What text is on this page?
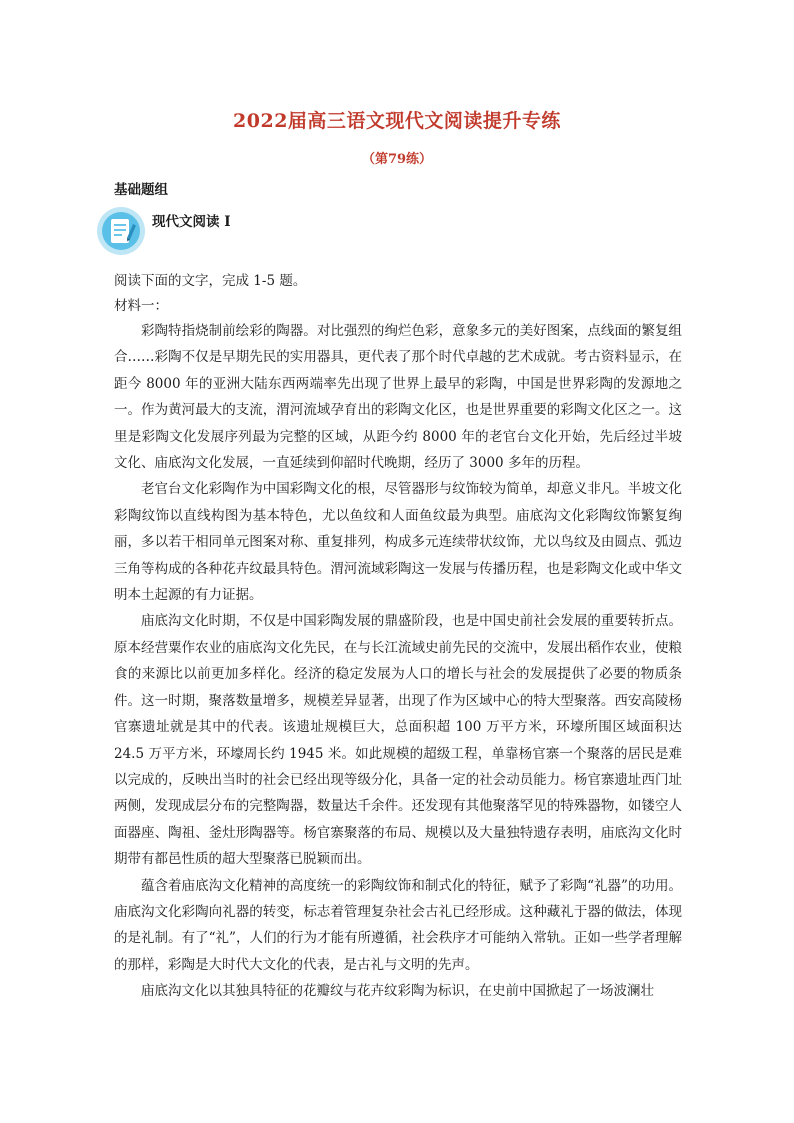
2022届高三语文现代文阅读提升专练
（第79练）
基础题组
现代文阅读 I
阅读下面的文字，完成 1-5 题。
材料一：

彩陶特指烧制前绘彩的陶器。对比强烈的绚烂色彩，意象多元的美好图案，点线面的繁复组合……彩陶不仅是早期先民的实用器具，更代表了那个时代卓越的艺术成就。考古资料显示，在距今 8000 年的亚洲大陆东西两端率先出现了世界上最早的彩陶，中国是世界彩陶的发源地之一。作为黄河最大的支流，渭河流域孕育出的彩陶文化区，也是世界重要的彩陶文化区之一。这里是彩陶文化发展序列最为完整的区域，从距今约 8000 年的老官台文化开始，先后经过半坡文化、庙底沟文化发展，一直延续到仰韶时代晚期，经历了 3000 多年的历程。

老官台文化彩陶作为中国彩陶文化的根，尽管器形与纹饰较为简单，却意义非凡。半坡文化彩陶纹饰以直线构图为基本特色，尤以鱼纹和人面鱼纹最为典型。庙底沟文化彩陶纹饰繁复绚丽，多以若干相同单元图案对称、重复排列，构成多元连续带状纹饰，尤以鸟纹及由圆点、弧边三角等构成的各种花卉纹最具特色。渭河流域彩陶这一发展与传播历程，也是彩陶文化或中华文明本土起源的有力证据。

庙底沟文化时期，不仅是中国彩陶发展的鼎盛阶段，也是中国史前社会发展的重要转折点。原本经营粟作农业的庙底沟文化先民，在与长江流域史前先民的交流中，发展出稻作农业，使粮食的来源比以前更加多样化。经济的稳定发展为人口的增长与社会的发展提供了必要的物质条件。这一时期，聚落数量增多，规模差异显著，出现了作为区域中心的特大型聚落。西安高陵杨官寨遗址就是其中的代表。该遗址规模巨大，总面积超 100 万平方米，环壕所围区域面积达 24.5 万平方米，环壕周长约 1945 米。如此规模的超级工程，单靠杨官寨一个聚落的居民是难以完成的，反映出当时的社会已经出现等级分化，具备一定的社会动员能力。杨官寨遗址西门址两侧，发现成层分布的完整陶器，数量达千余件。还发现有其他聚落罕见的特殊器物，如镂空人面器座、陶祖、釜灶形陶器等。杨官寨聚落的布局、规模以及大量独特遗存表明，庙底沟文化时期带有都邑性质的超大型聚落已脱颖而出。

蕴含着庙底沟文化精神的高度统一的彩陶纹饰和制式化的特征，赋予了彩陶“礼器”的功用。庙底沟文化彩陶向礼器的转变，标志着管理复杂社会古礼已经形成。这种藏礼于器的做法，体现的是礼制。有了“礼”，人们的行为才能有所遵循，社会秩序才可能纳入常轨。正如一些学者理解的那样，彩陶是大时代大文化的代表，是古礼与文明的先声。

庙底沟文化以其独具特征的花瓣纹与花卉纹彩陶为标识，在史前中国掀起了一场波澜壮
